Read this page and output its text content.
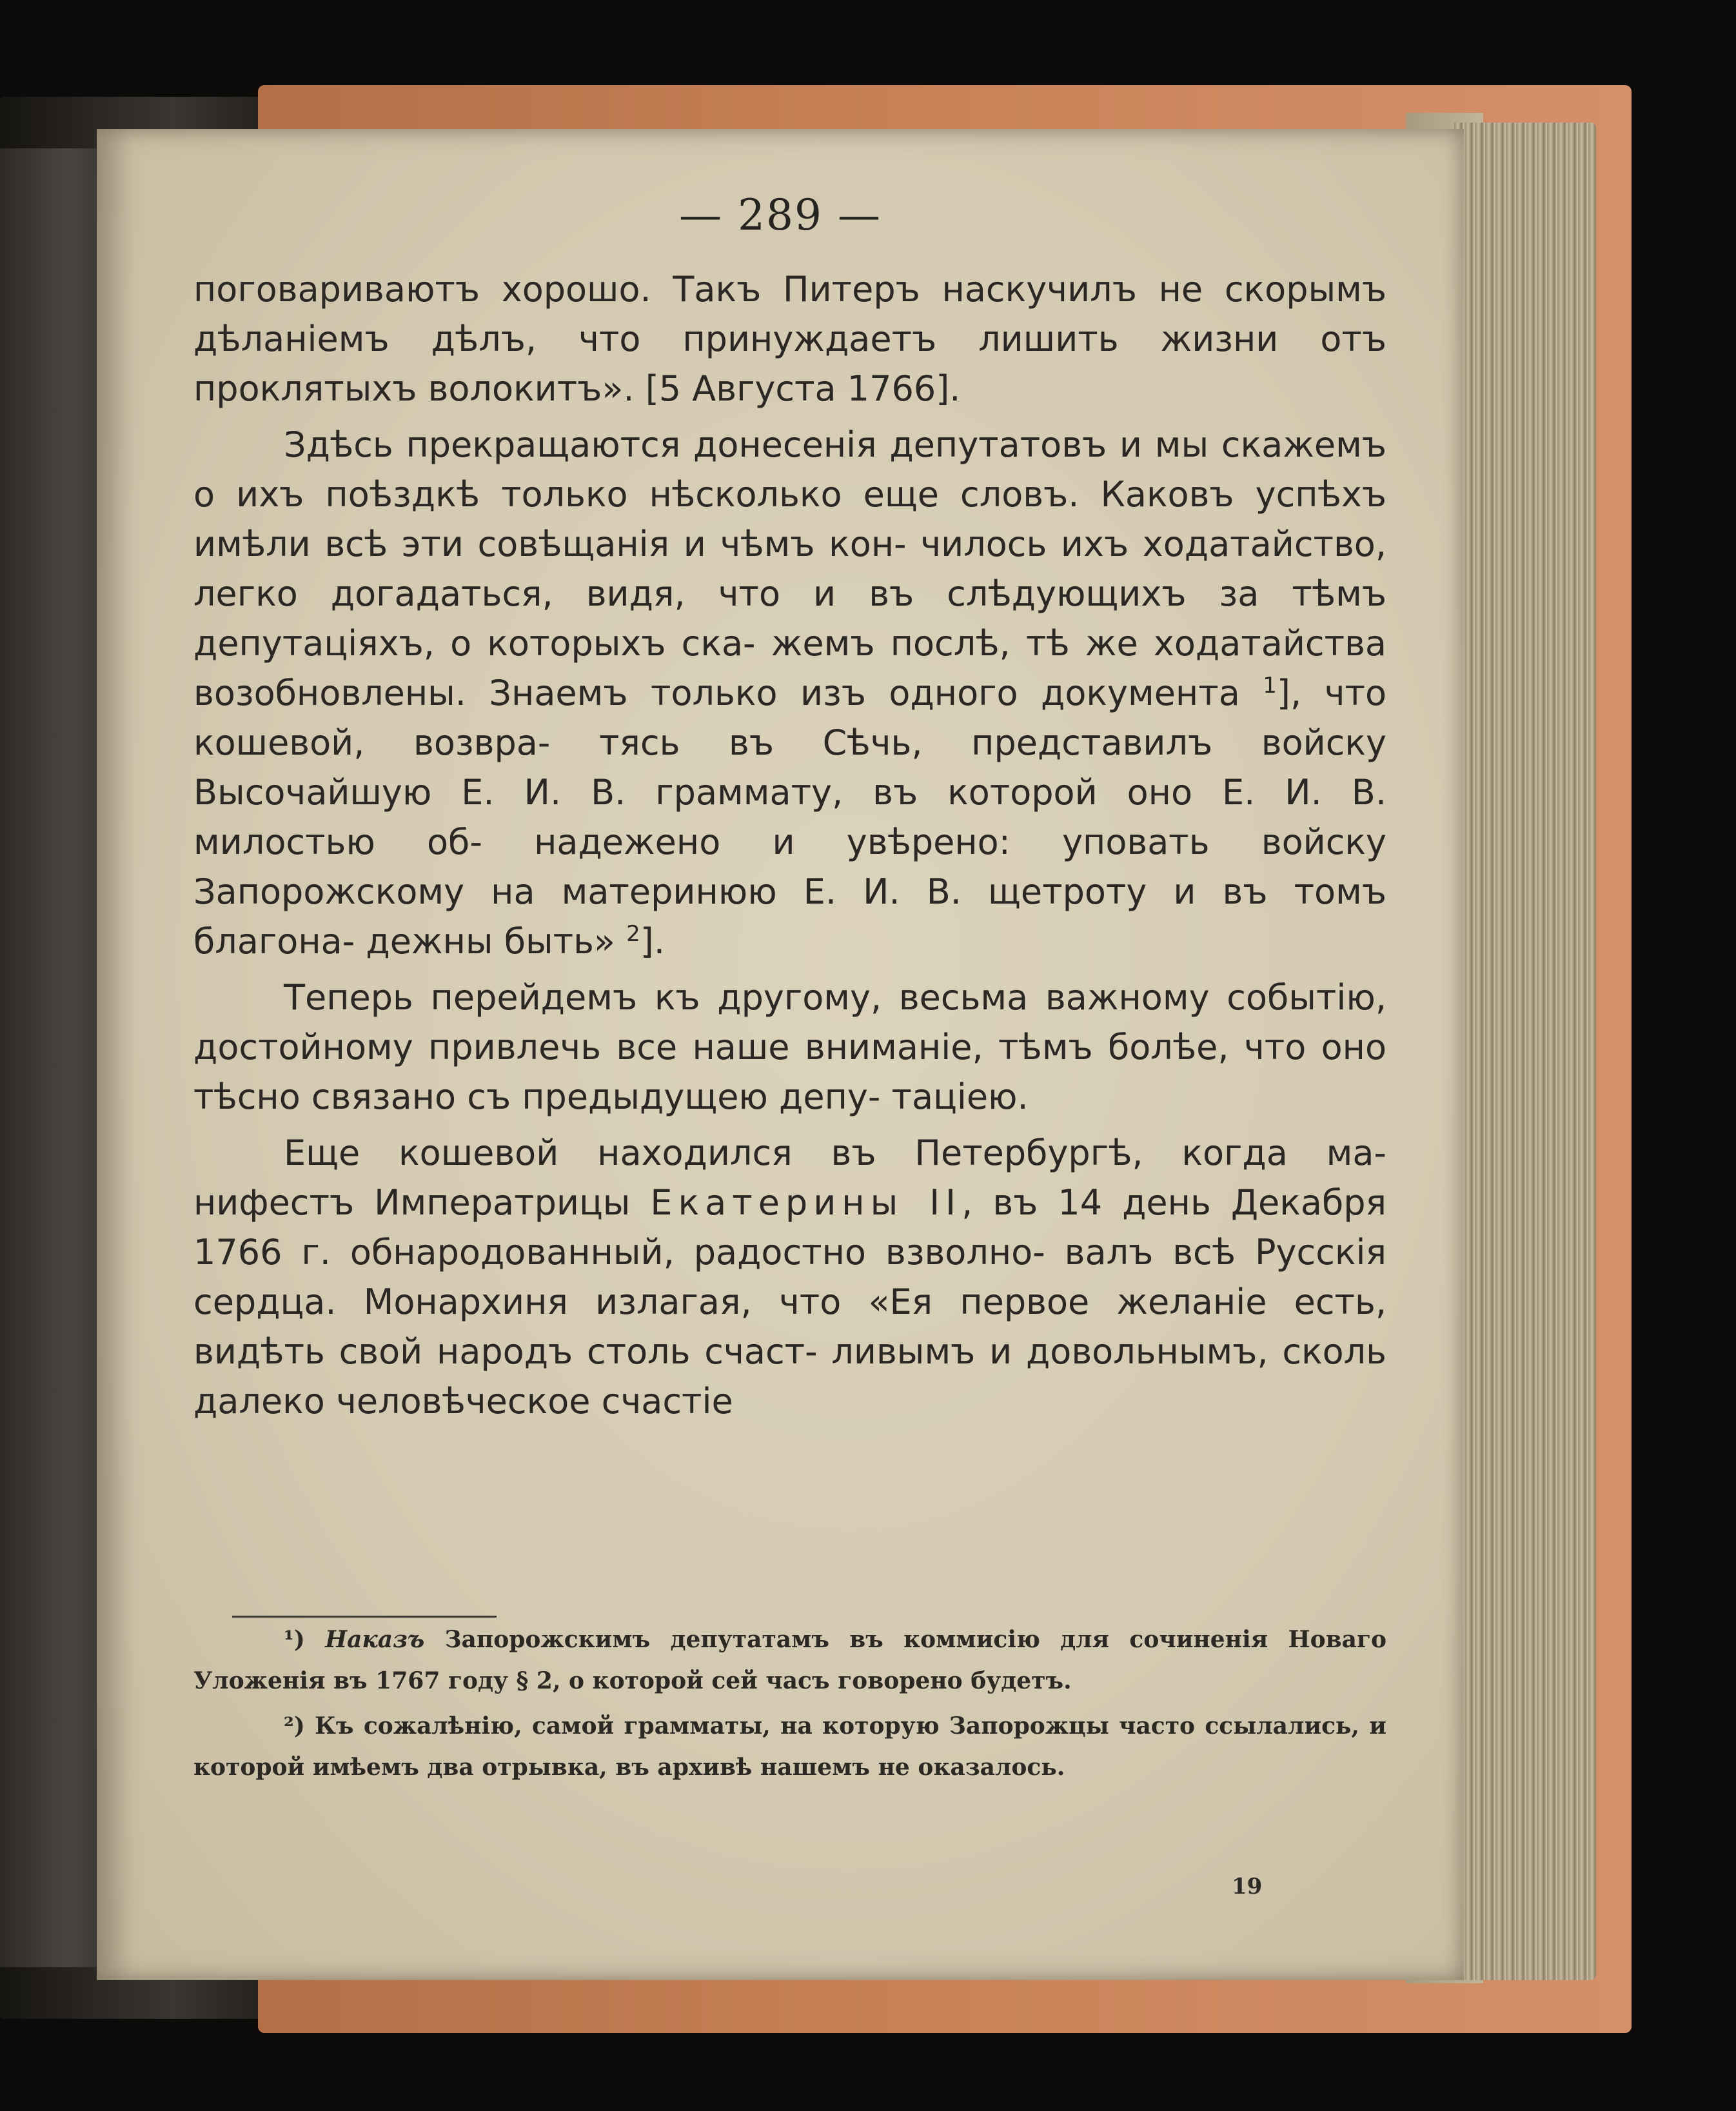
— 289 —

поговариваютъ хорошо. Такъ Питеръ наскучилъ не скорымъ дѣланіемъ дѣлъ, что принуждаетъ лишить жизни отъ проклятыхъ волокитъ». [5 Августа 1766].

Здѣсь прекращаются донесенія депутатовъ и мы скажемъ о ихъ поѣздкѣ только нѣсколько еще словъ. Каковъ успѣхъ имѣли всѣ эти совѣщанія и чѣмъ кон- чилось ихъ ходатайство, легко догадаться, видя, что и въ слѣдующихъ за тѣмъ депутаціяхъ, о которыхъ ска- жемъ послѣ, тѣ же ходатайства возобновлены. Знаемъ только изъ одного документа $^1$], что кошевой, возвра- тясь въ Сѣчь, представилъ войску Высочайшую Е. И. В. граммату, въ которой оно Е. И. В. милостью об- надежено и увѣрено: уповать войску Запорожскому на материнюю Е. И. В. щетроту и въ томъ благона- дежны быть» $^2$].

Теперь перейдемъ къ другому, весьма важному событію, достойному привлечь все наше вниманіе, тѣмъ болѣе, что оно тѣсно связано съ предыдущею депу- таціею.

Еще кошевой находился въ Петербургѣ, когда ма- нифестъ Императрицы Екатерины II, въ 14 день Декабря 1766 г. обнародованный, радостно взволно- валъ всѣ Русскія сердца. Монархиня излагая, что «Ея первое желаніе есть, видѣть свой народъ столь счаст- ливымъ и довольнымъ, сколь далеко человѣческое счастіе

¹) Наказъ Запорожскимъ депутатамъ въ коммисію для сочиненія Новаго Уложенія въ 1767 году § 2, о которой сей часъ говорено будетъ.

²) Къ сожалѣнію, самой грамматы, на которую Запорожцы часто ссылались, и которой имѣемъ два отрывка, въ архивѣ нашемъ не оказалось.

19
